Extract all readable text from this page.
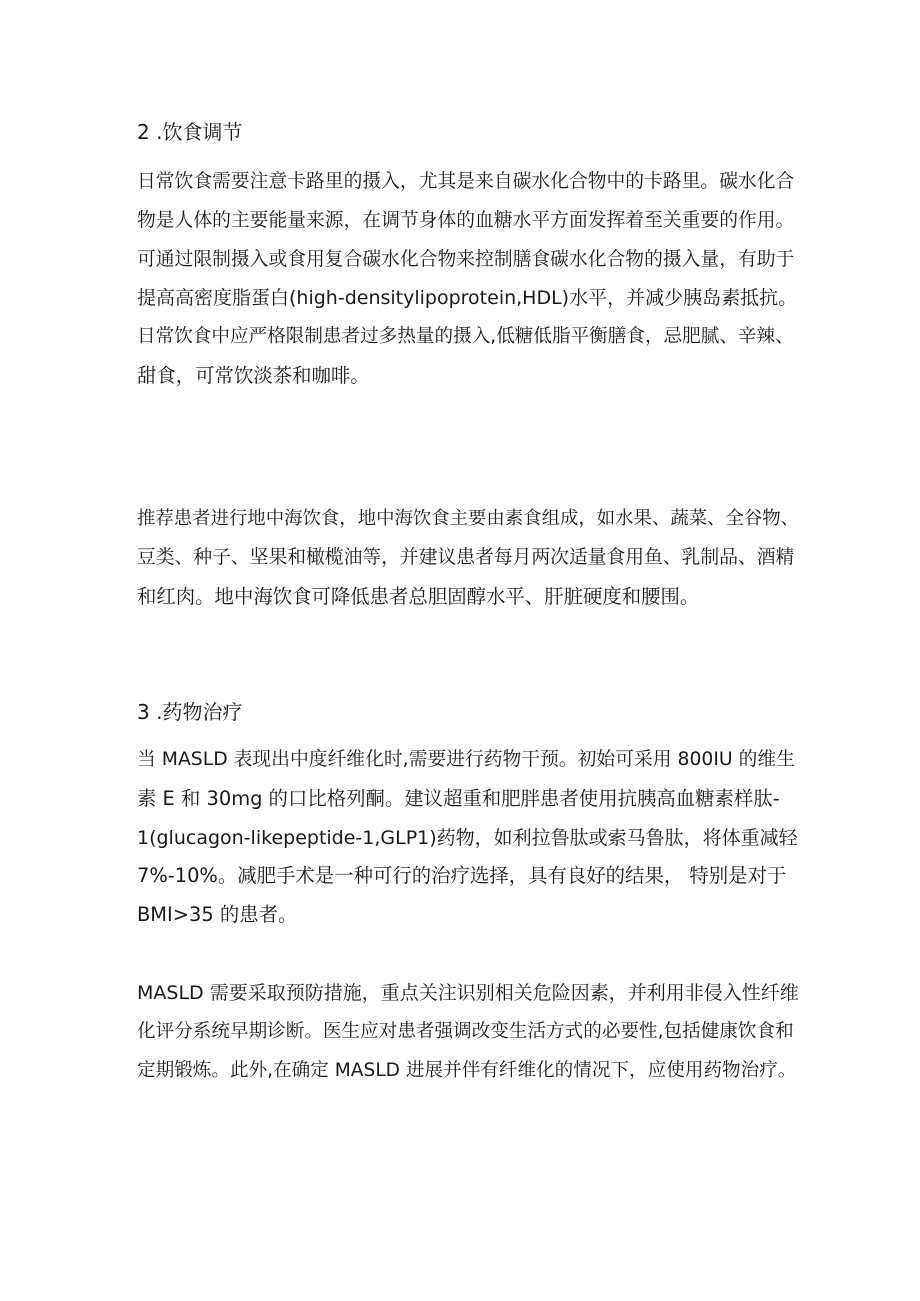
2 .饮食调节
日常饮食需要注意卡路里的摄入，尤其是来自碳水化合物中的卡路里。碳水化合
物是人体的主要能量来源，在调节身体的血糖水平方面发挥着至关重要的作用。
可通过限制摄入或食用复合碳水化合物来控制膳食碳水化合物的摄入量，有助于
提高高密度脂蛋白(high-densitylipoprotein,HDL)水平，并减少胰岛素抵抗。
日常饮食中应严格限制患者过多热量的摄入,低糖低脂平衡膳食，忌肥腻、辛辣、
甜食，可常饮淡茶和咖啡。
推荐患者进行地中海饮食，地中海饮食主要由素食组成，如水果、蔬菜、全谷物、
豆类、种子、坚果和橄榄油等，并建议患者每月两次适量食用鱼、乳制品、酒精
和红肉。地中海饮食可降低患者总胆固醇水平、肝脏硬度和腰围。
3 .药物治疗
当 MASLD 表现出中度纤维化时,需要进行药物干预。初始可采用 800IU 的维生
素 E 和 30mg 的口比格列酮。建议超重和肥胖患者使用抗胰高血糖素样肽-
1(glucagon-likepeptide-1,GLP1)药物，如利拉鲁肽或索马鲁肽，将体重减轻
7%-10%。减肥手术是一种可行的治疗选择，具有良好的结果， 特别是对于
BMI>35 的患者。
MASLD 需要采取预防措施，重点关注识别相关危险因素，并利用非侵入性纤维
化评分系统早期诊断。医生应对患者强调改变生活方式的必要性,包括健康饮食和
定期锻炼。此外,在确定 MASLD 进展并伴有纤维化的情况下，应使用药物治疗。
